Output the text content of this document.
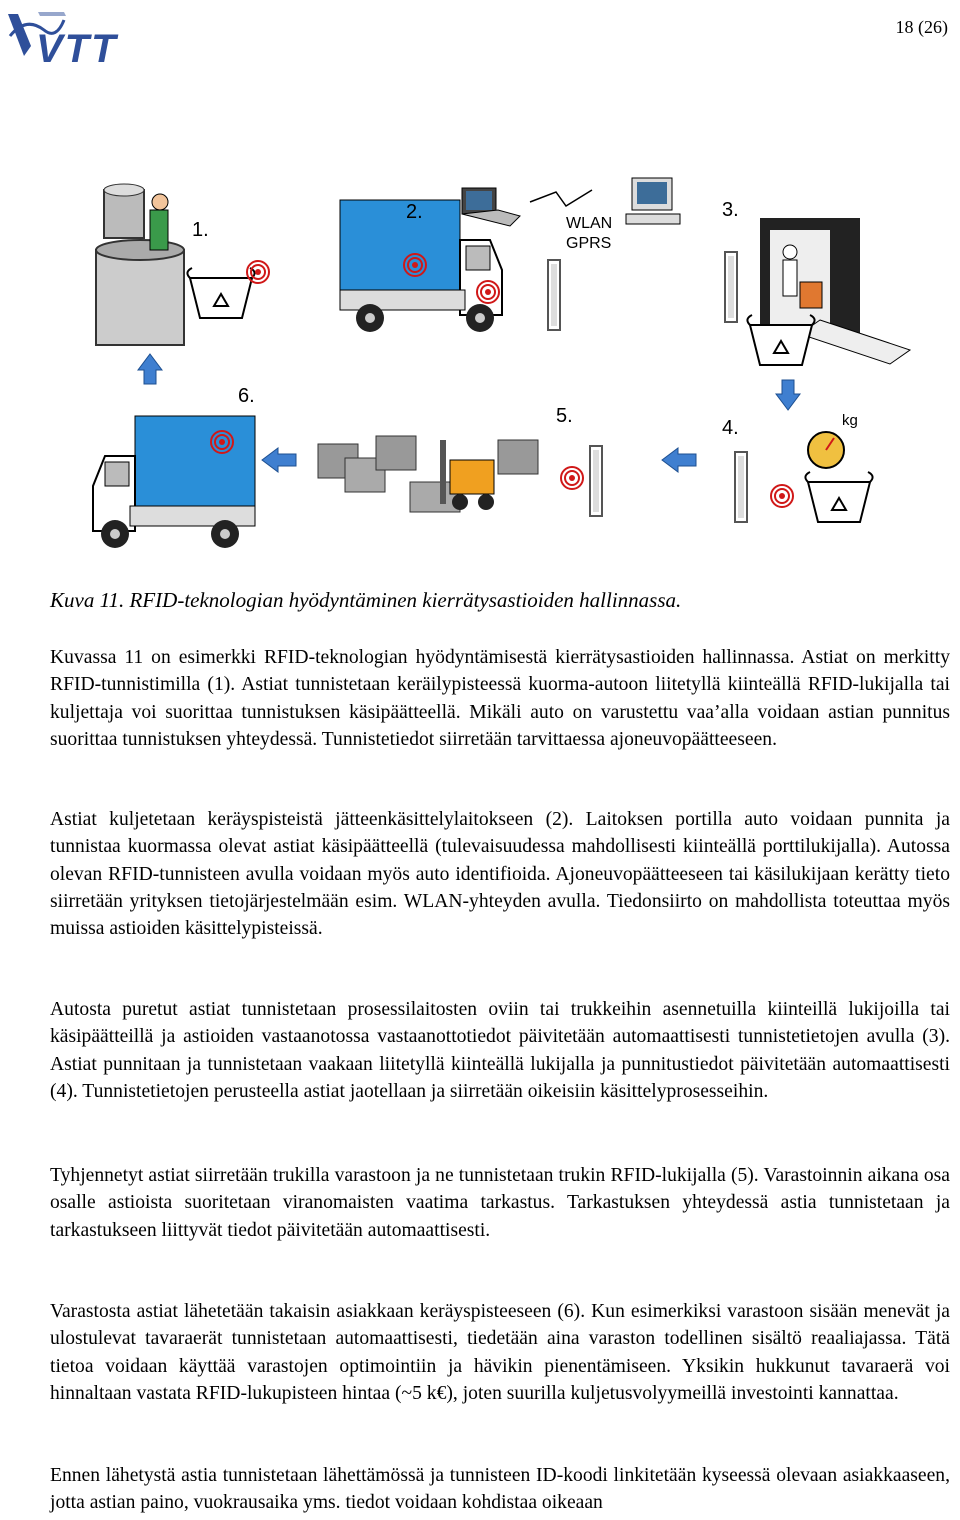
VTT	18 (26)
1.
2.
WLAN
GPRS
3.
6.
5.
4.	kg

Kuva 11. RFID-teknologian hyödyntäminen kierrätysastioiden hallinnassa.

Kuvassa 11 on esimerkki RFID-teknologian hyödyntämisestä kierrätysastioiden hallinnassa. Astiat on merkitty RFID-tunnistimilla (1). Astiat tunnistetaan keräilypisteessä kuorma-autoon liitetyllä kiinteällä RFID-lukijalla tai kuljettaja voi suorittaa tunnistuksen käsipäätteellä. Mikäli auto on varustettu vaa’alla voidaan astian punnitus suorittaa tunnistuksen yhteydessä. Tunnistetiedot siirretään tarvittaessa ajoneuvopäätteeseen.

Astiat kuljetetaan keräyspisteistä jätteenkäsittelylaitokseen (2). Laitoksen portilla auto voidaan punnita ja tunnistaa kuormassa olevat astiat käsipäätteellä (tulevaisuudessa mahdollisesti kiinteällä porttilukijalla). Autossa olevan RFID-tunnisteen avulla voidaan myös auto identifioida. Ajoneuvopäätteeseen tai käsilukijaan kerätty tieto siirretään yrityksen tietojärjestelmään esim. WLAN-yhteyden avulla. Tiedonsiirto on mahdollista toteuttaa myös muissa astioiden käsittelypisteissä.

Autosta puretut astiat tunnistetaan prosessilaitosten oviin tai trukkeihin asennetuilla kiinteillä lukijoilla tai käsipäätteillä ja astioiden vastaanotossa vastaanottotiedot päivitetään automaattisesti tunnistetietojen avulla (3). Astiat punnitaan ja tunnistetaan vaakaan liitetyllä kiinteällä lukijalla ja punnitustiedot päivitetään automaattisesti (4). Tunnistetietojen perusteella astiat jaotellaan ja siirretään oikeisiin käsittelyprosesseihin.

Tyhjennetyt astiat siirretään trukilla varastoon ja ne tunnistetaan trukin RFID-lukijalla (5). Varastoinnin aikana osa osalle astioista suoritetaan viranomaisten vaatima tarkastus. Tarkastuksen yhteydessä astia tunnistetaan ja tarkastukseen liittyvät tiedot päivitetään automaattisesti.

Varastosta astiat lähetetään takaisin asiakkaan keräyspisteeseen (6). Kun esimerkiksi varastoon sisään menevät ja ulostulevat tavaraerät tunnistetaan automaattisesti, tiedetään aina varaston todellinen sisältö reaaliajassa. Tätä tietoa voidaan käyttää varastojen optimointiin ja hävikin pienentämiseen. Yksikin hukkunut tavaraerä voi hinnaltaan vastata RFID-lukupisteen hintaa (~5 k€), joten suurilla kuljetusvolyymeillä investointi kannattaa.

Ennen lähetystä astia tunnistetaan lähettämössä ja tunnisteen ID-koodi linkitetään kyseessä olevaan asiakkaaseen, jotta astian paino, vuokrausaika yms. tiedot voidaan kohdistaa oikeaan
